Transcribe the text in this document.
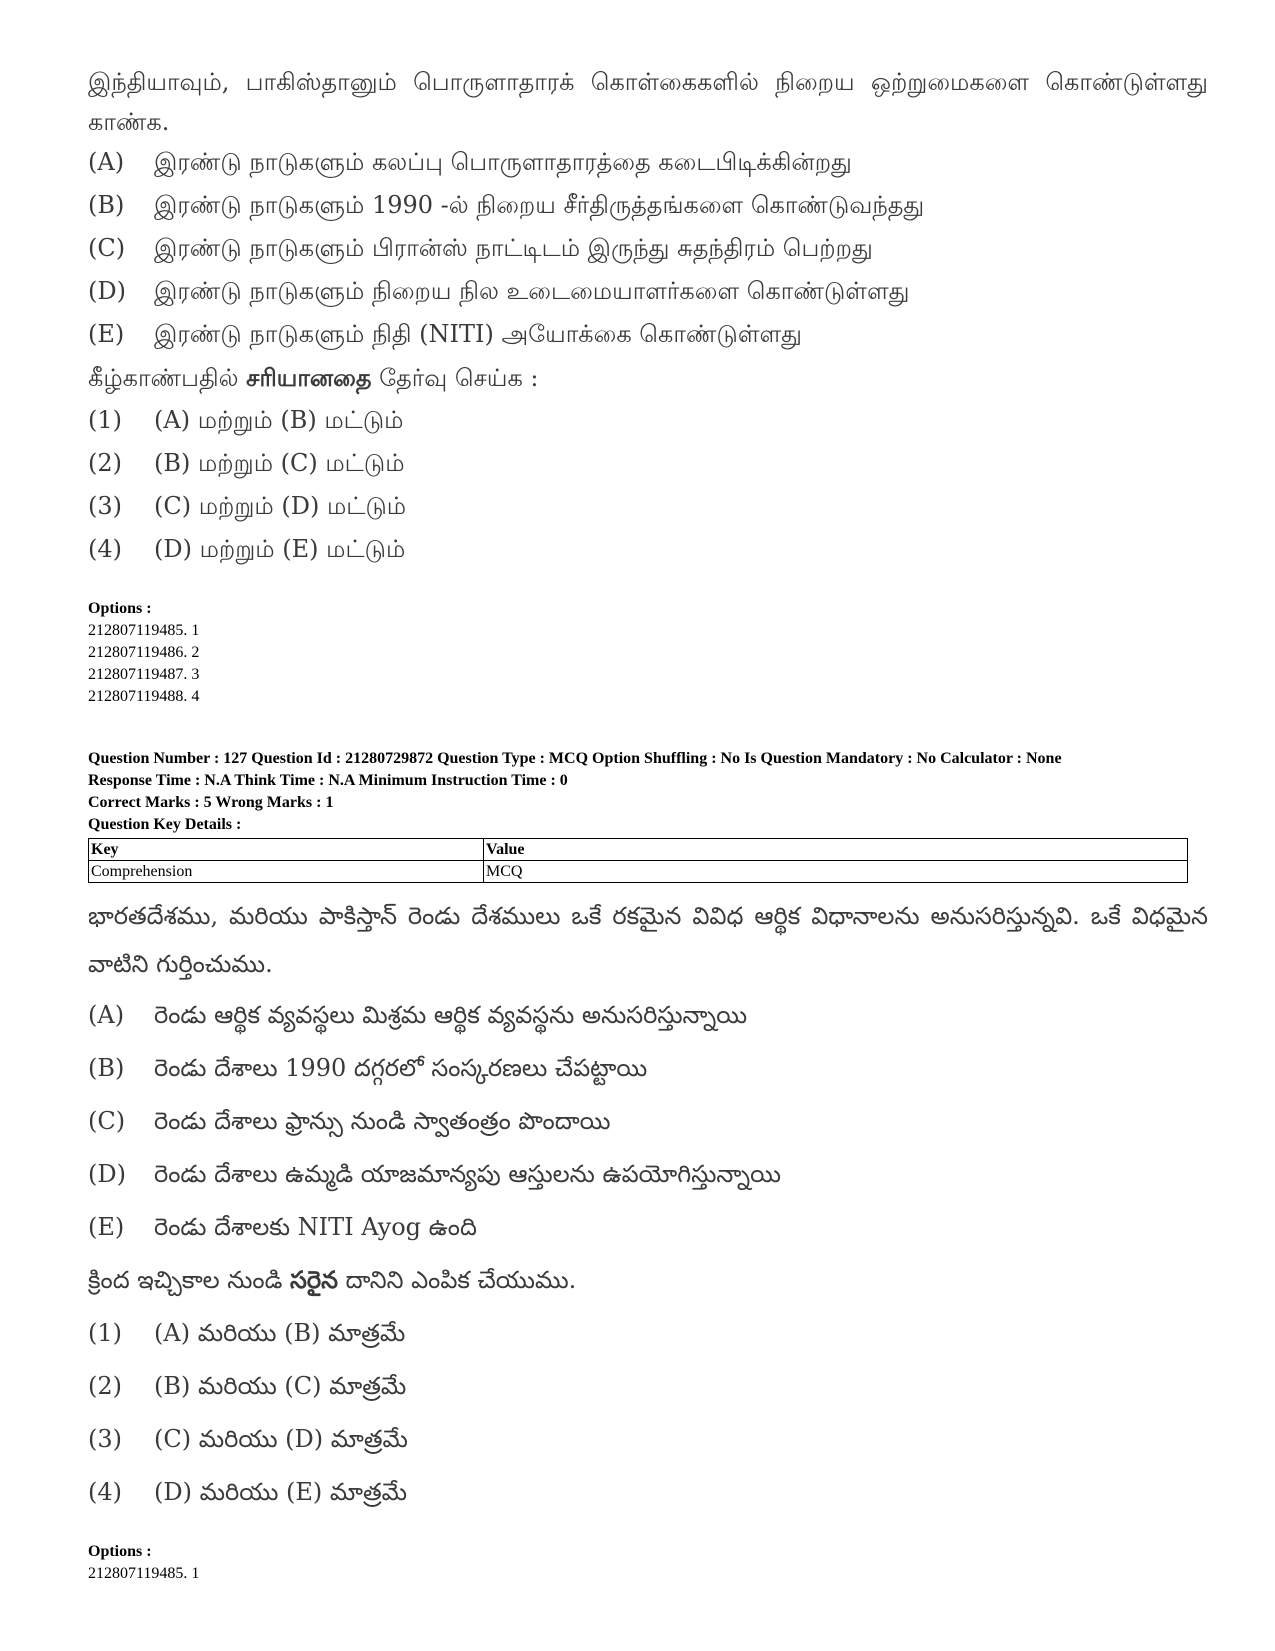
இந்தியாவும், பாகிஸ்தானும் பொருளாதாரக் கொள்கைகளில் நிறைய ஒற்றுமைகளை கொண்டுள்ளது காண்க.
(A) இரண்டு நாடுகளும் கலப்பு பொருளாதாரத்தை கடைபிடிக்கின்றது
(B) இரண்டு நாடுகளும் 1990 -ல் நிறைய சீர்திருத்தங்களை கொண்டுவந்தது
(C) இரண்டு நாடுகளும் பிரான்ஸ் நாட்டிடம் இருந்து சுதந்திரம் பெற்றது
(D) இரண்டு நாடுகளும் நிறைய நில உடைமையாளர்களை கொண்டுள்ளது
(E) இரண்டு நாடுகளும் நிதி (NITI) அயோக்கை கொண்டுள்ளது
கீழ்காண்பதில் சரியானதை தேர்வு செய்க :
(1) (A) மற்றும் (B) மட்டும்
(2) (B) மற்றும் (C) மட்டும்
(3) (C) மற்றும் (D) மட்டும்
(4) (D) மற்றும் (E) மட்டும்
Options :
212807119485. 1
212807119486. 2
212807119487. 3
212807119488. 4
Question Number : 127 Question Id : 21280729872 Question Type : MCQ Option Shuffling : No Is Question Mandatory : No Calculator : None
Response Time : N.A Think Time : N.A Minimum Instruction Time : 0
Correct Marks : 5 Wrong Marks : 1
Question Key Details :
Key	Value
Comprehension	MCQ
భారతదేశము, మరియు పాకిస్తాన్ రెండు దేశములు ఒకే రకమైన వివిధ ఆర్థిక విధానాలను అనుసరిస్తున్నవి. ఒకే విధమైన వాటిని గుర్తించుము.
(A) రెండు ఆర్థిక వ్యవస్థలు మిశ్రమ ఆర్థిక వ్యవస్థను అనుసరిస్తున్నాయి
(B) రెండు దేశాలు 1990 దగ్గరలో సంస్కరణలు చేపట్టాయి
(C) రెండు దేశాలు ఫ్రాన్సు నుండి స్వాతంత్రం పొందాయి
(D) రెండు దేశాలు ఉమ్మడి యాజమాన్యపు ఆస్తులను ఉపయోగిస్తున్నాయి
(E) రెండు దేశాలకు NITI Ayog ఉంది
క్రింద ఇచ్చికాల నుండి సరైన దానిని ఎంపిక చేయుము.
(1) (A) మరియు (B) మాత్రమే
(2) (B) మరియు (C) మాత్రమే
(3) (C) మరియు (D) మాత్రమే
(4) (D) మరియు (E) మాత్రమే
Options :
212807119485. 1
